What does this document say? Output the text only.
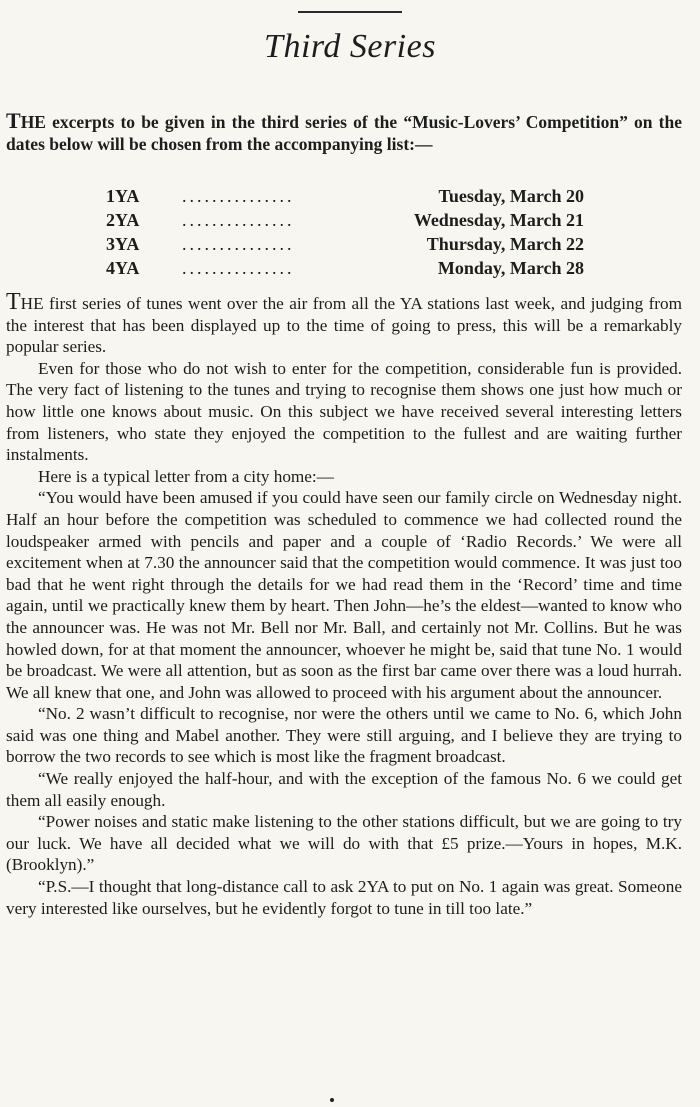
Third Series

THE excerpts to be given in the third series of the “Music-Lovers’ Competition” on the dates below will be chosen from the accompanying list:—

1YA	...............	Tuesday, March 20
2YA	...............	Wednesday, March 21
3YA	...............	Thursday, March 22
4YA	...............	Monday, March 28

THE first series of tunes went over the air from all the YA stations last week, and judging from the interest that has been displayed up to the time of going to press, this will be a remarkably popular series.

Even for those who do not wish to enter for the competition, considerable fun is provided. The very fact of listening to the tunes and trying to recognise them shows one just how much or how little one knows about music. On this subject we have received several interesting letters from listeners, who state they enjoyed the competition to the fullest and are waiting further instalments.

Here is a typical letter from a city home:—

“You would have been amused if you could have seen our family circle on Wednesday night. Half an hour before the competition was scheduled to commence we had collected round the loudspeaker armed with pencils and paper and a couple of ‘Radio Records.’ We were all excitement when at 7.30 the announcer said that the competition would commence. It was just too bad that he went right through the details for we had read them in the ‘Record’ time and time again, until we practically knew them by heart. Then John—he’s the eldest—wanted to know who the announcer was. He was not Mr. Bell nor Mr. Ball, and certainly not Mr. Collins. But he was howled down, for at that moment the announcer, whoever he might be, said that tune No. 1 would be broadcast. We were all attention, but as soon as the first bar came over there was a loud hurrah. We all knew that one, and John was allowed to proceed with his argument about the announcer.

“No. 2 wasn’t difficult to recognise, nor were the others until we came to No. 6, which John said was one thing and Mabel another. They were still arguing, and I believe they are trying to borrow the two records to see which is most like the fragment broadcast.

“We really enjoyed the half-hour, and with the exception of the famous No. 6 we could get them all easily enough.

“Power noises and static make listening to the other stations difficult, but we are going to try our luck. We have all decided what we will do with that £5 prize.—Yours in hopes, M.K. (Brooklyn).”

“P.S.—I thought that long-distance call to ask 2YA to put on No. 1 again was great. Someone very interested like ourselves, but he evidently forgot to tune in till too late.”
